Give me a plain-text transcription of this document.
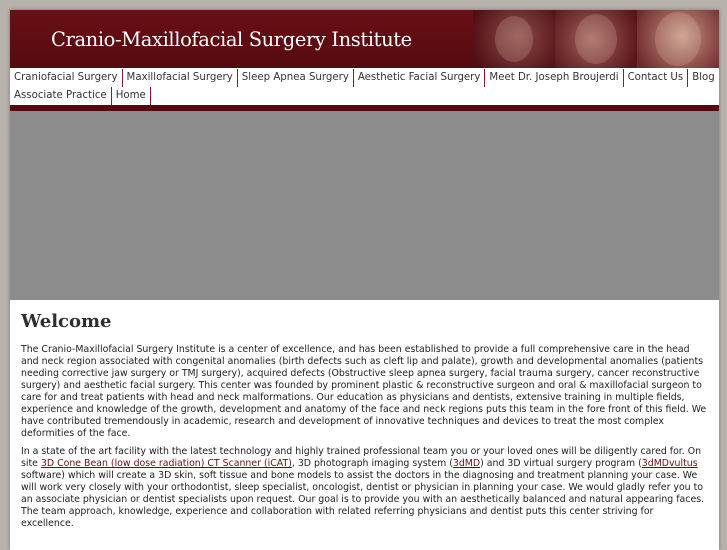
Cranio-Maxillofacial Surgery Institute
Craniofacial Surgery Maxillofacial Surgery Sleep Apnea Surgery Aesthetic Facial Surgery Meet Dr. Joseph Broujerdi Contact Us Blog
Associate Practice Home
Welcome

The Cranio-Maxillofacial Surgery Institute is a center of excellence, and has been established to provide a full comprehensive care in the head and neck region associated with congenital anomalies (birth defects such as cleft lip and palate), growth and developmental anomalies (patients needing corrective jaw surgery or TMJ surgery), acquired defects (Obstructive sleep apnea surgery, facial trauma surgery, cancer reconstructive surgery) and aesthetic facial surgery. This center was founded by prominent plastic & reconstructive surgeon and oral & maxillofacial surgeon to care for and treat patients with head and neck malformations. Our education as physicians and dentists, extensive training in multiple fields, experience and knowledge of the growth, development and anatomy of the face and neck regions puts this team in the fore front of this field. We have contributed tremendously in academic, research and development of innovative techniques and devices to treat the most complex deformities of the face.

In a state of the art facility with the latest technology and highly trained professional team you or your loved ones will be diligently cared for. On site 3D Cone Bean (low dose radiation) CT Scanner (iCAT), 3D photograph imaging system (3dMD) and 3D virtual surgery program (3dMDvultus software) which will create a 3D skin, soft tissue and bone models to assist the doctors in the diagnosing and treatment planning your case. We will work very closely with your orthodontist, sleep specialist, oncologist, dentist or physician in planning your case. We would gladly refer you to an associate physician or dentist specialists upon request. Our goal is to provide you with an aesthetically balanced and natural appearing faces. The team approach, knowledge, experience and collaboration with related referring physicians and dentist puts this center striving for excellence.
